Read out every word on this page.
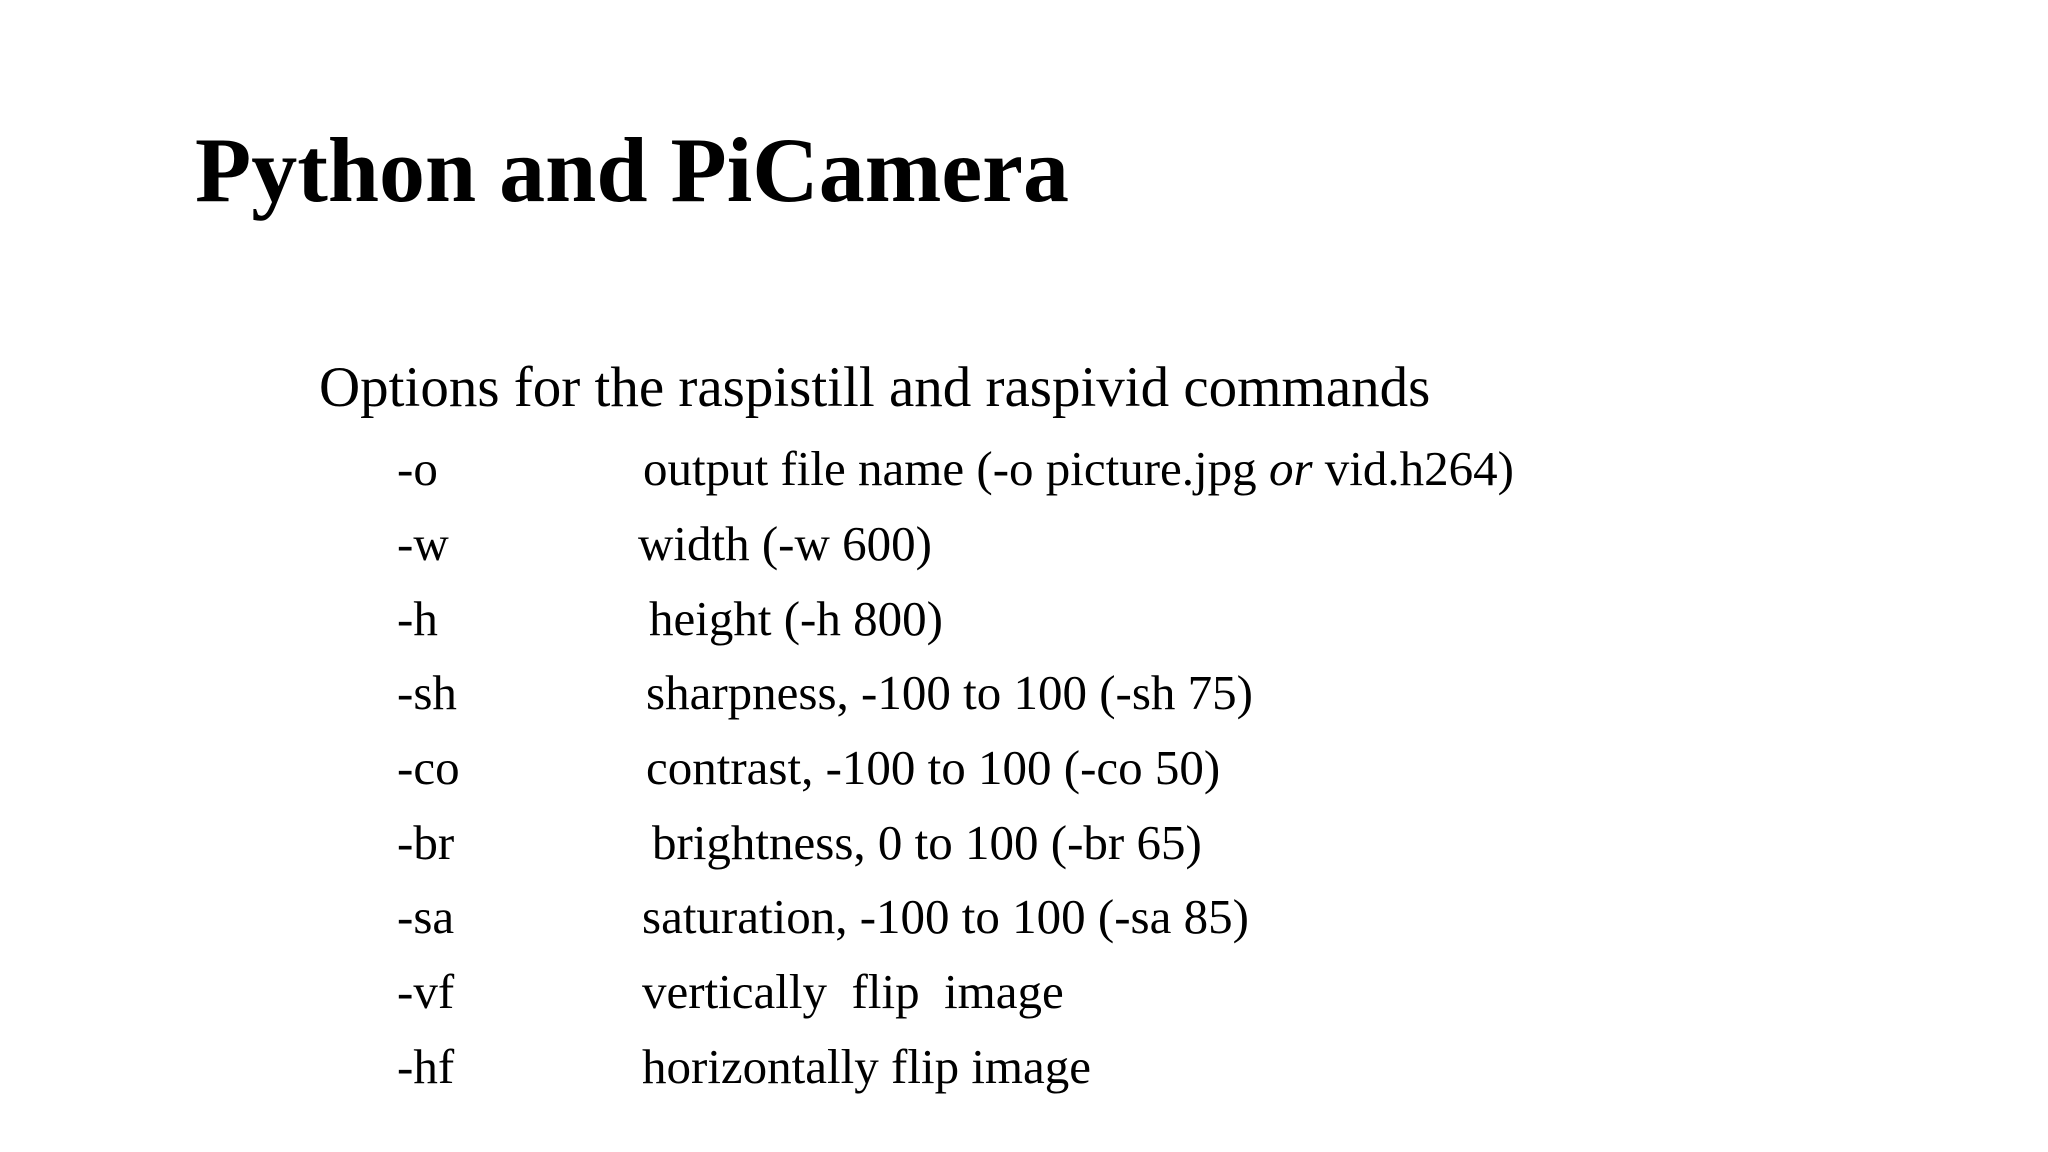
Python and PiCamera

Options for the raspistill and raspivid commands

-o	output file name (-o picture.jpg or vid.h264)
-w	width (-w 600)
-h	height (-h 800)
-sh	sharpness, -100 to 100 (-sh 75)
-co	contrast, -100 to 100 (-co 50)
-br	brightness, 0 to 100 (-br 65)
-sa	saturation, -100 to 100 (-sa 85)
-vf	vertically  flip  image
-hf	horizontally flip image
